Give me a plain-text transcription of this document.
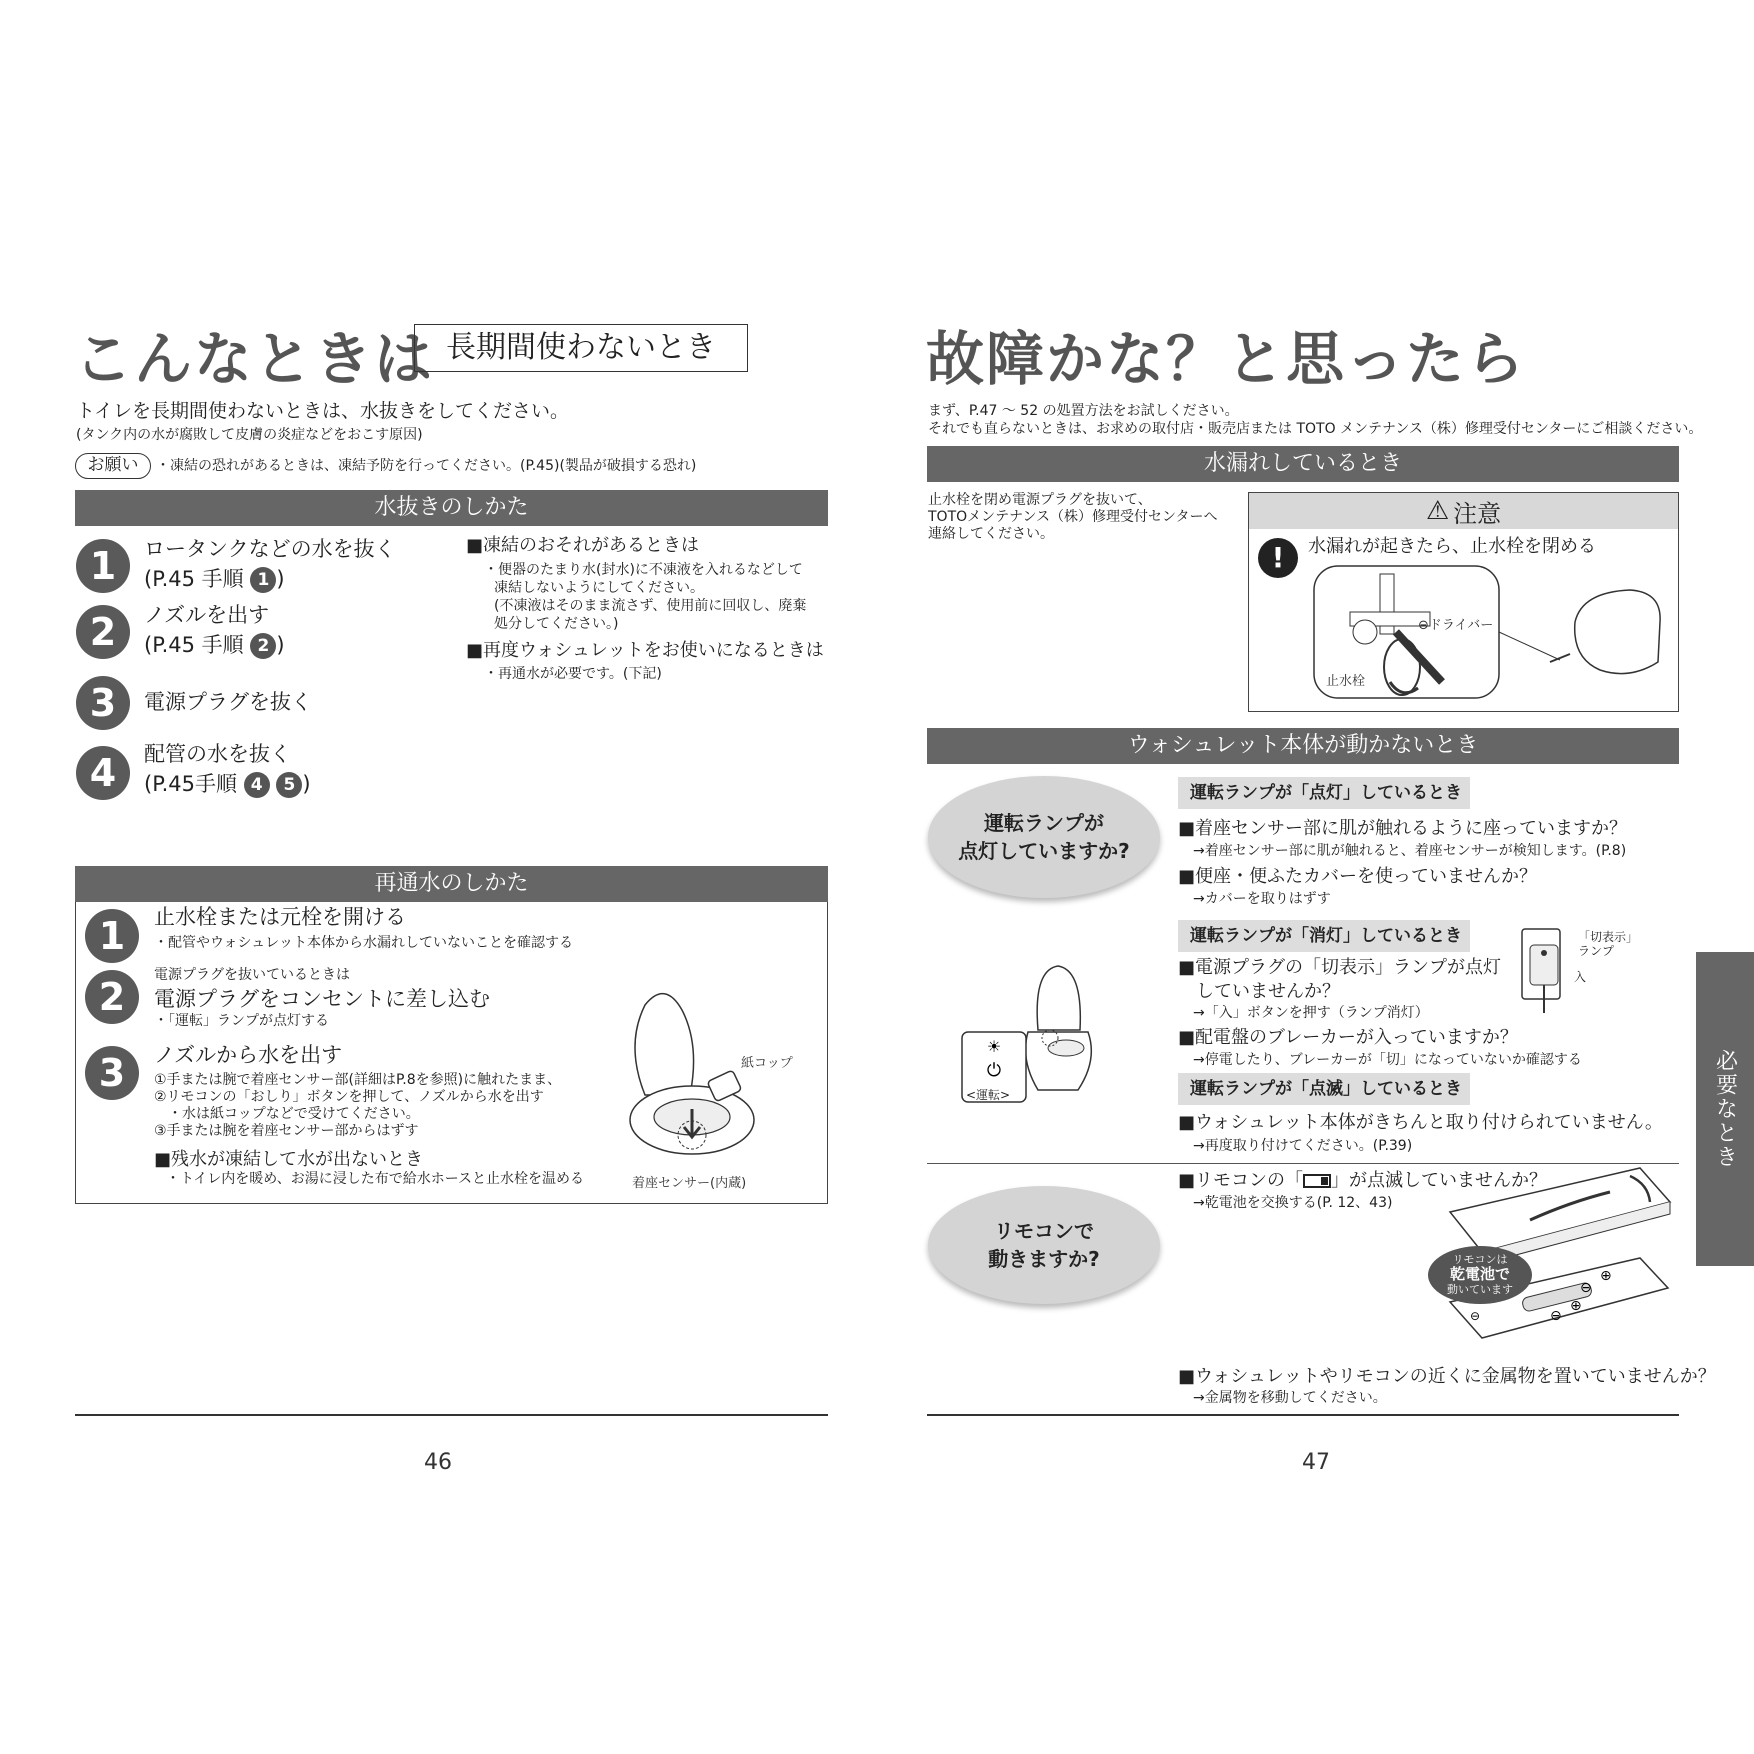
こんなときは 長期間使わないとき
トイレを長期間使わないときは、水抜きをしてください。
(タンク内の水が腐敗して皮膚の炎症などをおこす原因)
お願い	・凍結の恐れがあるときは、凍結予防を行ってください。(P.45)(製品が破損する恐れ)
水抜きのしかた
1	ロータンクなどの水を抜く
(P.45 手順 1 )
2	ノズルを出す
(P.45 手順 2 )
3	電源プラグを抜く
4	配管の水を抜く
(P.45手順 4 5 )
■凍結のおそれがあるときは
・便器のたまり水(封水)に不凍液を入れるなどして
凍結しないようにしてください。
(不凍液はそのまま流さず、使用前に回収し、廃棄
処分してください。)
■再度ウォシュレットをお使いになるときは
・再通水が必要です。(下記)
再通水のしかた
1	止水栓または元栓を開ける
・配管やウォシュレット本体から水漏れしていないことを確認する
2	電源プラグを抜いているときは
電源プラグをコンセントに差し込む
・「運転」ランプが点灯する
3	ノズルから水を出す
①手または腕で着座センサー部(詳細はP.8を参照)に触れたまま、
②リモコンの「おしり」ボタンを押して、ノズルから水を出す
・水は紙コップなどで受けてください。
③手または腕を着座センサー部からはずす
■残水が凍結して水が出ないとき
・トイレ内を暖め、お湯に浸した布で給水ホースと止水栓を温める
紙コップ
着座センサー(内蔵)
46
故障かな？と思ったら
まず、P.47 ～ 52 の処置方法をお試しください。
それでも直らないときは、お求めの取付店・販売店または TOTO メンテナンス（株）修理受付センターにご相談ください。
水漏れしているとき
止水栓を閉め電源プラグを抜いて、
TOTOメンテナンス（株）修理受付センターへ
連絡してください。
⚠ 注意
!	水漏れが起きたら、止水栓を閉める
⊖ドライバー
止水栓
ウォシュレット本体が動かないとき
運転ランプが
点灯していますか?
運転ランプが「点灯」しているとき
■着座センサー部に肌が触れるように座っていますか？
→着座センサー部に肌が触れると、着座センサーが検知します。(P.8)
■便座・便ふたカバーを使っていませんか？
→カバーを取りはずす
運転ランプが「消灯」しているとき
■電源プラグの「切表示」ランプが点灯
していませんか？
→「入」ボタンを押す（ランプ消灯）
■配電盤のブレーカーが入っていますか？
→停電したり、ブレーカーが「切」になっていないか確認する
「切表示」
ランプ
入
☀
⏻
<運転>	運転ランプが「点滅」しているとき
■ウォシュレット本体がきちんと取り付けられていません。
→再度取り付けてください。(P.39)
リモコンで
動きますか?
■リモコンの「 」が点滅していませんか？
→乾電池を交換する(P. 12、43)
⊕
⊖
⊕
⊖
⊖
リモコンは
乾電池で
動いています
■ウォシュレットやリモコンの近くに金属物を置いていませんか？
→金属物を移動してください。
47
必要なとき
